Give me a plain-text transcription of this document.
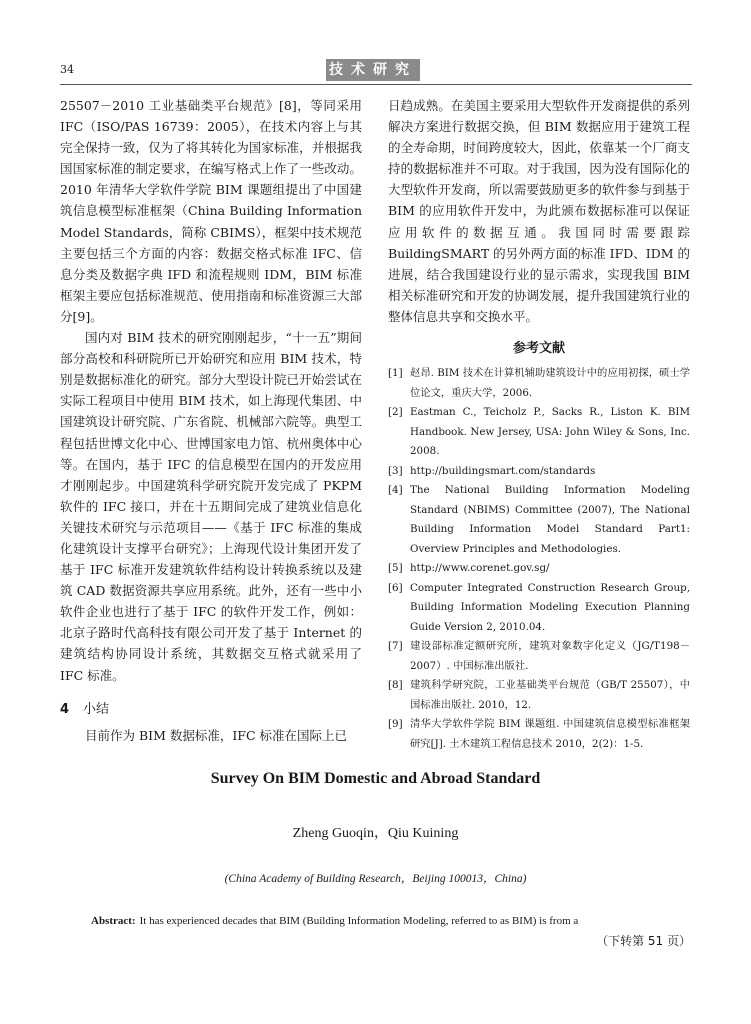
34	技术研究

25507－2010 工业基础类平台规范》[8]，等同采用 IFC（ISO/PAS 16739：2005），在技术内容上与其完全保持一致，仅为了将其转化为国家标准，并根据我国国家标准的制定要求，在编写格式上作了一些改动。2010 年清华大学软件学院 BIM 课题组提出了中国建筑信息模型标准框架（China Building Information Model Standards，简称 CBIMS），框架中技术规范主要包括三个方面的内容：数据交格式标准 IFC、信息分类及数据字典 IFD 和流程规则 IDM，BIM 标准框架主要应包括标准规范、使用指南和标准资源三大部分[9]。

国内对 BIM 技术的研究刚刚起步，“十一五”期间部分高校和科研院所已开始研究和应用 BIM 技术，特别是数据标准化的研究。部分大型设计院已开始尝试在实际工程项目中使用 BIM 技术，如上海现代集团、中国建筑设计研究院、广东省院、机械部六院等。典型工程包括世博文化中心、世博国家电力馆、杭州奥体中心等。在国内，基于 IFC 的信息模型在国内的开发应用才刚刚起步。中国建筑科学研究院开发完成了 PKPM 软件的 IFC 接口，并在十五期间完成了建筑业信息化关键技术研究与示范项目——《基于 IFC 标准的集成化建筑设计支撑平台研究》；上海现代设计集团开发了基于 IFC 标准开发建筑软件结构设计转换系统以及建筑 CAD 数据资源共享应用系统。此外，还有一些中小软件企业也进行了基于 IFC 的软件开发工作，例如：北京子路时代高科技有限公司开发了基于 Internet 的建筑结构协同设计系统，其数据交互格式就采用了 IFC 标准。

4 小结

目前作为 BIM 数据标准，IFC 标准在国际上已

日趋成熟。在美国主要采用大型软件开发商提供的系列解决方案进行数据交换，但 BIM 数据应用于建筑工程的全寿命期，时间跨度较大，因此，依靠某一个厂商支持的数据标准并不可取。对于我国，因为没有国际化的大型软件开发商，所以需要鼓励更多的软件参与到基于 BIM 的应用软件开发中，为此颁布数据标准可以保证应用软件的数据互通。我国同时需要跟踪 BuildingSMART 的另外两方面的标准 IFD、IDM 的进展，结合我国建设行业的显示需求，实现我国 BIM 相关标准研究和开发的协调发展，提升我国建筑行业的整体信息共享和交换水平。

参考文献
[1] 赵昂. BIM 技术在计算机辅助建筑设计中的应用初探，硕士学位论文，重庆大学，2006.
[2] Eastman C., Teicholz P., Sacks R., Liston K. BIM Handbook. New Jersey, USA: John Wiley & Sons, Inc. 2008.
[3] http://buildingsmart.com/standards
[4] The National Building Information Modeling Standard (NBIMS) Committee (2007), The National Building Information Model Standard Part1: Overview Principles and Methodologies.
[5] http://www.corenet.gov.sg/
[6] Computer Integrated Construction Research Group, Building Information Modeling Execution Planning Guide Version 2, 2010.04.
[7] 建设部标准定额研究所，建筑对象数字化定义（JG/T198－2007）. 中国标准出版社.
[8] 建筑科学研究院，工业基础类平台规范（GB/T 25507），中国标准出版社. 2010，12.
[9] 清华大学软件学院 BIM 课题组. 中国建筑信息模型标准框架研究[J]. 土木建筑工程信息技术 2010，2(2)：1-5.
Survey On BIM Domestic and Abroad Standard
Zheng Guoqin，Qiu Kuining
(China Academy of Building Research，Beijing 100013，China)
Abstract: It has experienced decades that BIM (Building Information Modeling, referred to as BIM) is from a
（下转第 51 页）
